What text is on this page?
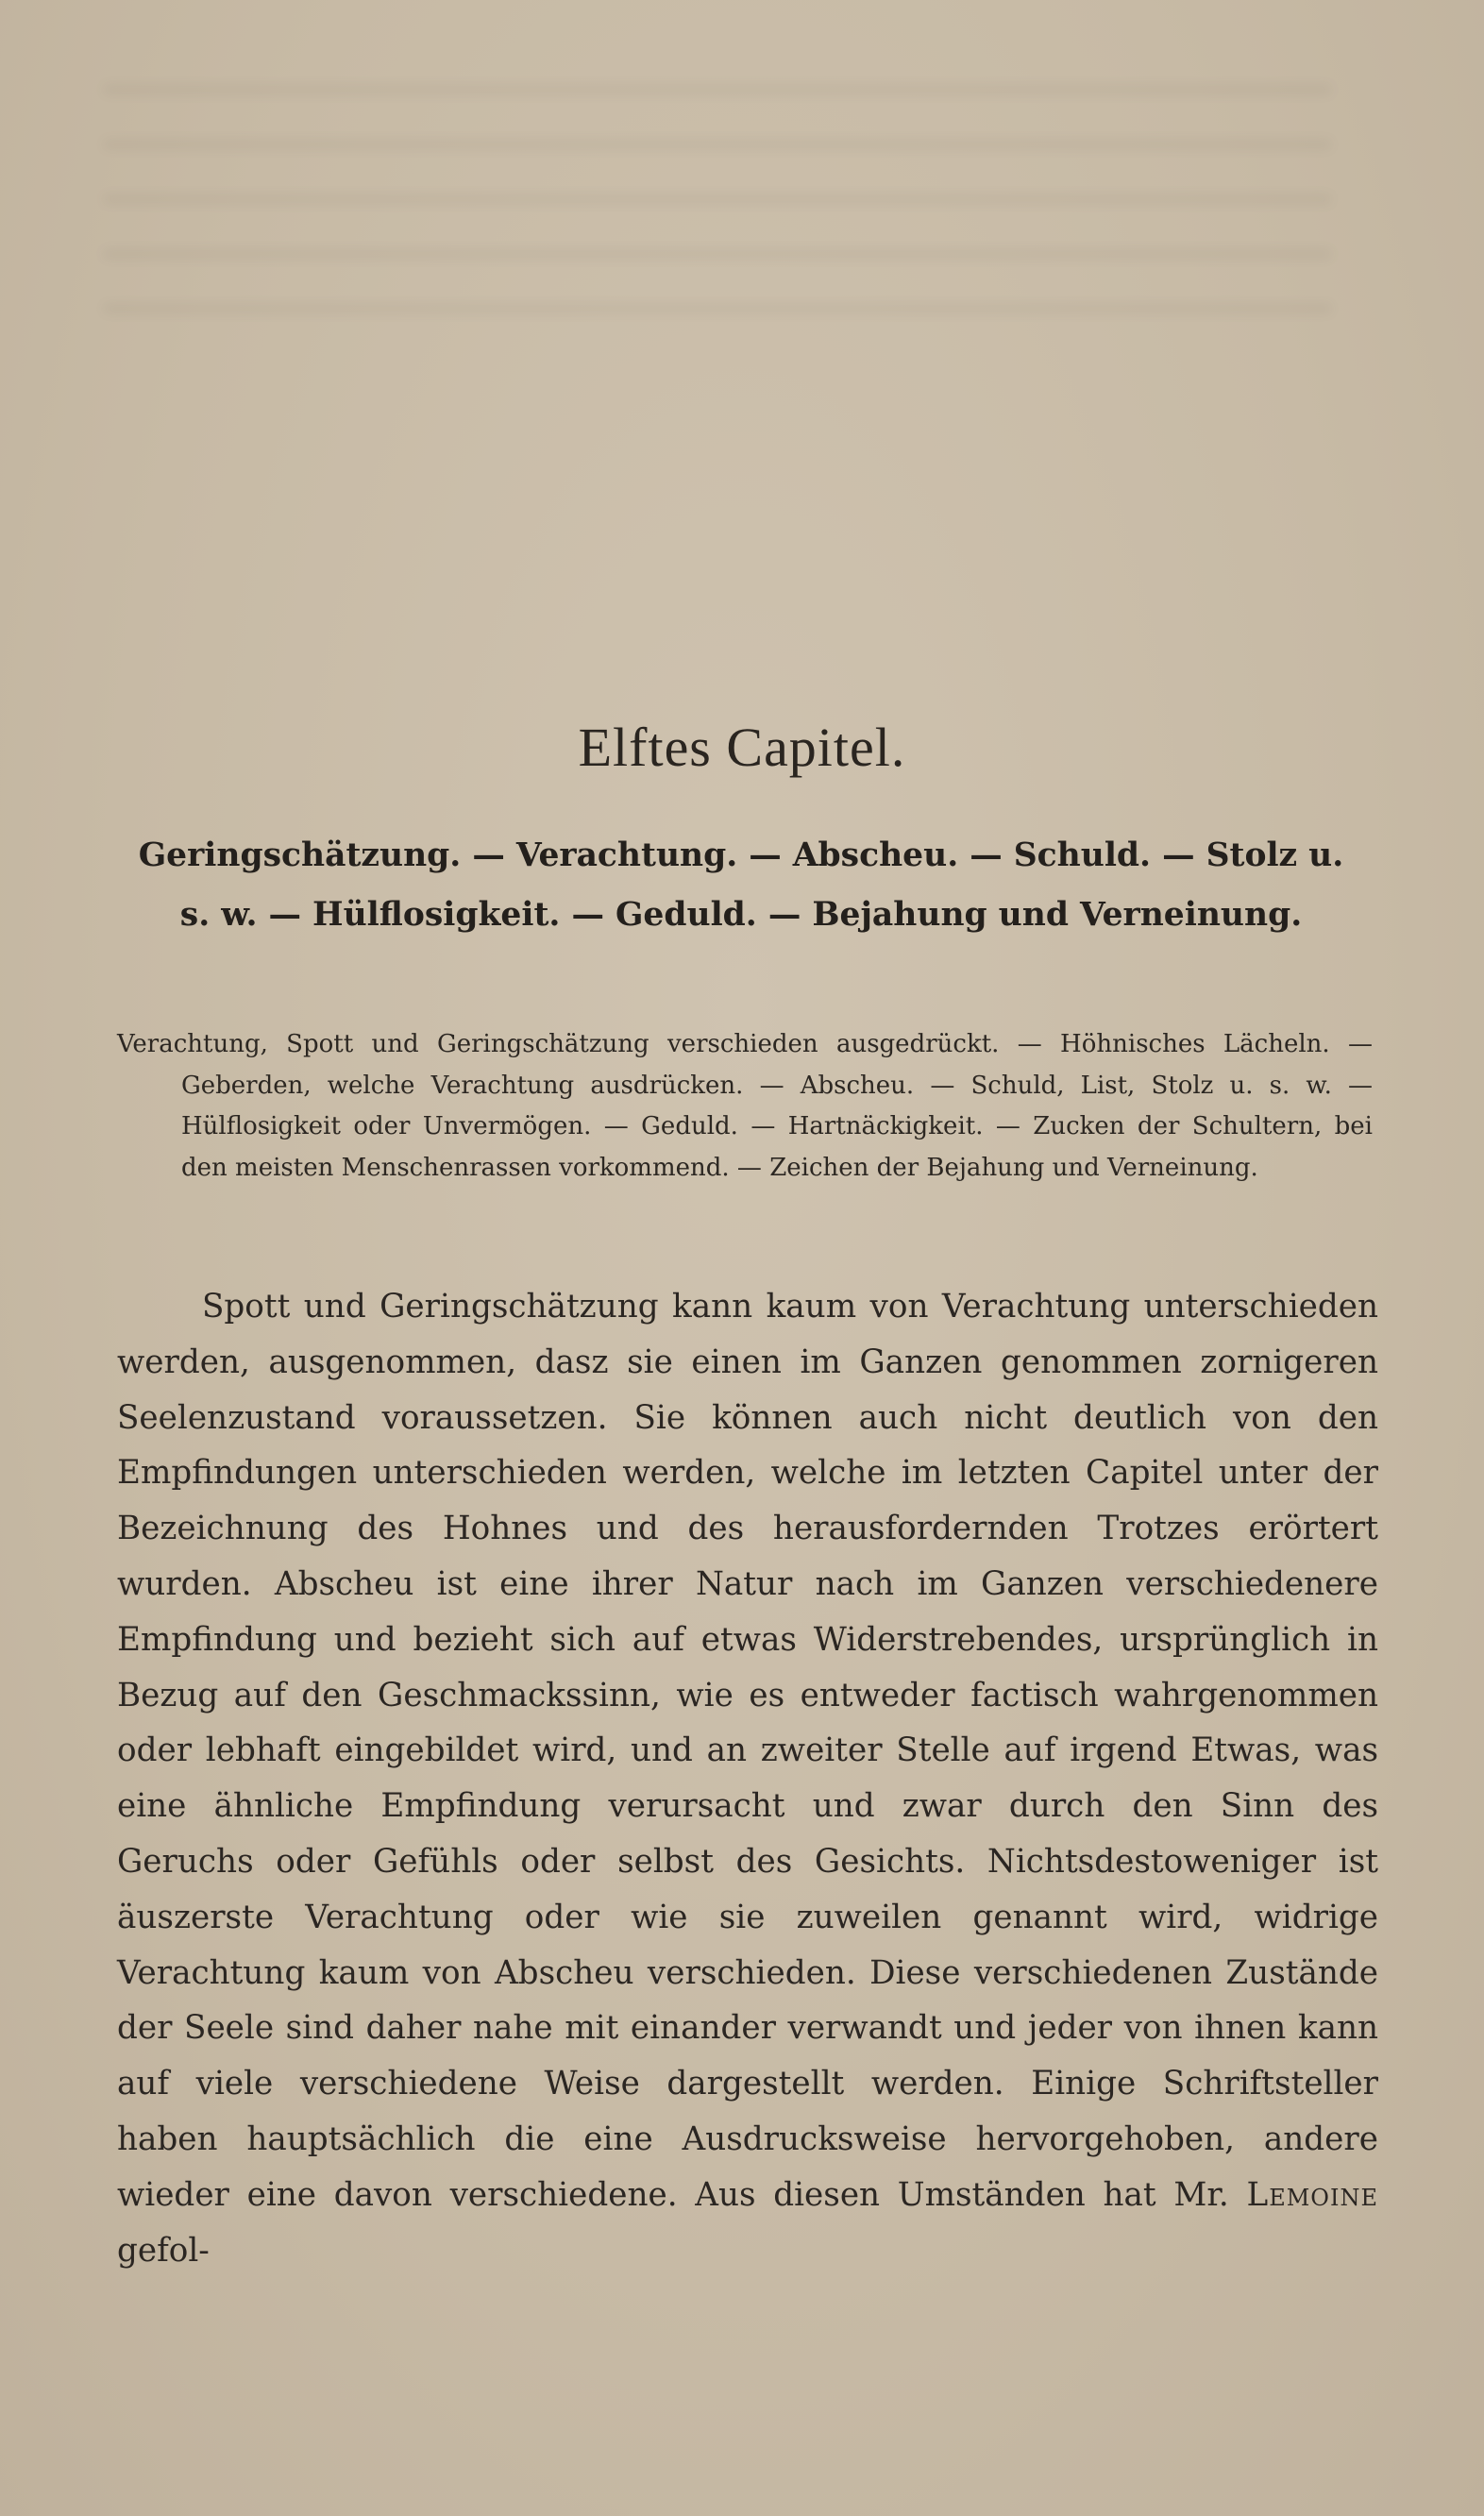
Elftes Capitel.

Geringschätzung. — Verachtung. — Abscheu. — Schuld. — Stolz u. s. w. — Hülflosigkeit. — Geduld. — Bejahung und Verneinung.

Verachtung, Spott und Geringschätzung verschieden ausgedrückt. — Höhnisches Lächeln. — Geberden, welche Verachtung ausdrücken. — Abscheu. — Schuld, List, Stolz u. s. w. — Hülflosigkeit oder Unvermögen. — Geduld. — Hartnäckigkeit. — Zucken der Schultern, bei den meisten Menschenrassen vorkommend. — Zeichen der Bejahung und Verneinung.

Spott und Geringschätzung kann kaum von Verachtung unterschieden werden, ausgenommen, dasz sie einen im Ganzen genommen zornigeren Seelenzustand voraussetzen. Sie können auch nicht deutlich von den Empfindungen unterschieden werden, welche im letzten Capitel unter der Bezeichnung des Hohnes und des herausfordernden Trotzes erörtert wurden. Abscheu ist eine ihrer Natur nach im Ganzen verschiedenere Empfindung und bezieht sich auf etwas Widerstrebendes, ursprünglich in Bezug auf den Geschmackssinn, wie es entweder factisch wahrgenommen oder lebhaft eingebildet wird, und an zweiter Stelle auf irgend Etwas, was eine ähnliche Empfindung verursacht und zwar durch den Sinn des Geruchs oder Gefühls oder selbst des Gesichts. Nichtsdestoweniger ist äuszerste Verachtung oder wie sie zuweilen genannt wird, widrige Verachtung kaum von Abscheu verschieden. Diese verschiedenen Zustände der Seele sind daher nahe mit einander verwandt und jeder von ihnen kann auf viele verschiedene Weise dargestellt werden. Einige Schriftsteller haben hauptsächlich die eine Ausdrucksweise hervorgehoben, andere wieder eine davon verschiedene. Aus diesen Umständen hat Mr. Lemoine gefol-
